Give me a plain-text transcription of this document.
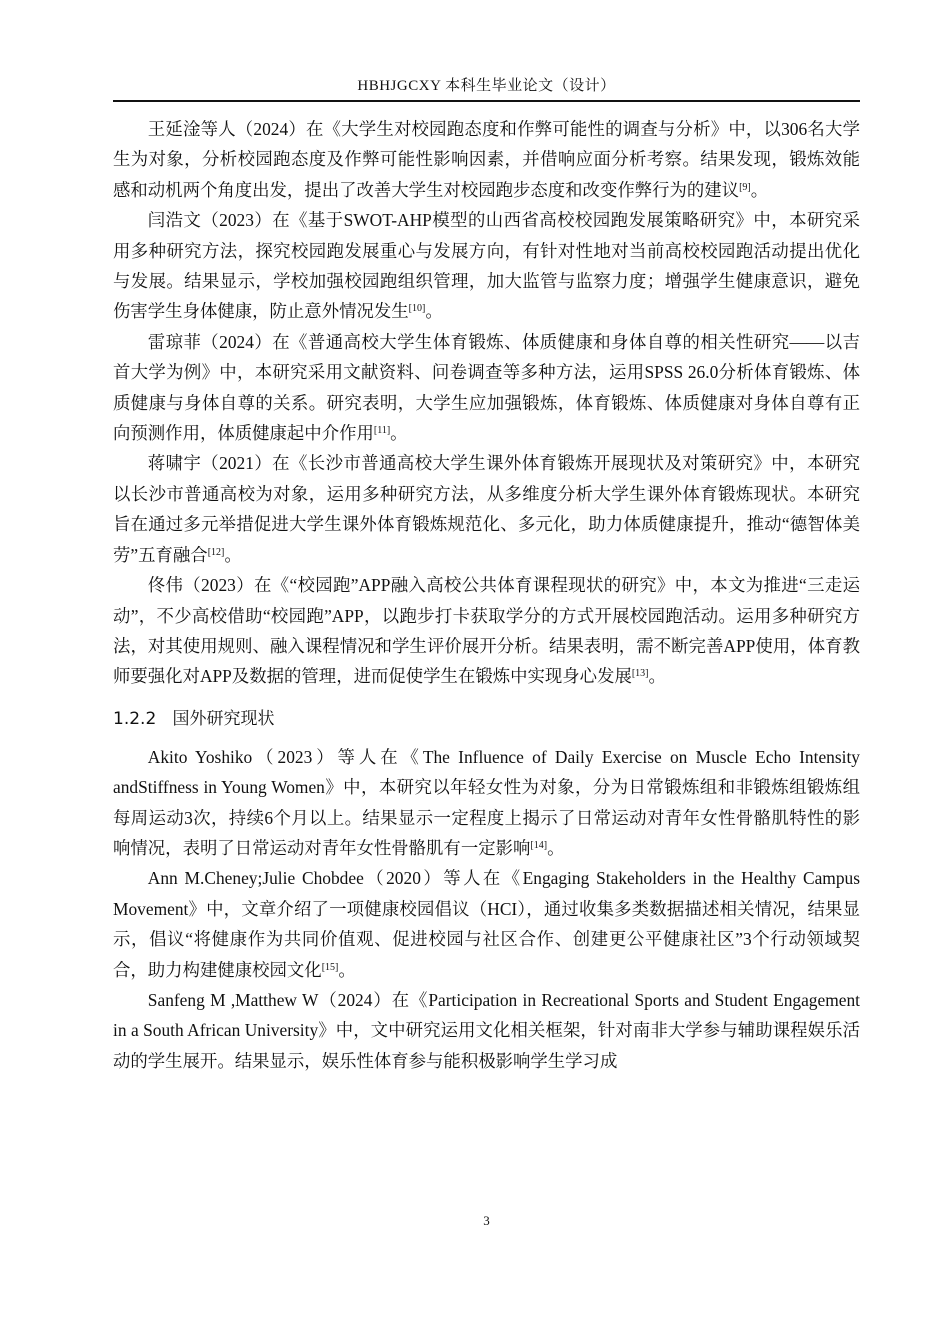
HBHJGCXY 本科生毕业论文（设计）

王延淦等人（2024）在《大学生对校园跑态度和作弊可能性的调查与分析》中，以306名大学生为对象，分析校园跑态度及作弊可能性影响因素，并借响应面分析考察。结果发现，锻炼效能感和动机两个角度出发，提出了改善大学生对校园跑步态度和改变作弊行为的建议[9]。

闫浩文（2023）在《基于SWOT-AHP模型的山西省高校校园跑发展策略研究》中，本研究采用多种研究方法，探究校园跑发展重心与发展方向，有针对性地对当前高校校园跑活动提出优化与发展。结果显示，学校加强校园跑组织管理，加大监管与监察力度；增强学生健康意识，避免伤害学生身体健康，防止意外情况发生[10]。

雷琼菲（2024）在《普通高校大学生体育锻炼、体质健康和身体自尊的相关性研究——以吉首大学为例》中，本研究采用文献资料、问卷调查等多种方法，运用SPSS 26.0分析体育锻炼、体质健康与身体自尊的关系。研究表明，大学生应加强锻炼，体育锻炼、体质健康对身体自尊有正向预测作用，体质健康起中介作用[11]。

蒋啸宇（2021）在《长沙市普通高校大学生课外体育锻炼开展现状及对策研究》中，本研究以长沙市普通高校为对象，运用多种研究方法，从多维度分析大学生课外体育锻炼现状。本研究旨在通过多元举措促进大学生课外体育锻炼规范化、多元化，助力体质健康提升，推动“德智体美劳”五育融合[12]。

佟伟（2023）在《“校园跑”APP融入高校公共体育课程现状的研究》中，本文为推进“三走运动”，不少高校借助“校园跑”APP，以跑步打卡获取学分的方式开展校园跑活动。运用多种研究方法，对其使用规则、融入课程情况和学生评价展开分析。结果表明，需不断完善APP使用，体育教师要强化对APP及数据的管理，进而促使学生在锻炼中实现身心发展[13]。

1.2.2 国外研究现状

Akito Yoshiko（2023）等人在《The Influence of Daily Exercise on Muscle Echo Intensity andStiffness in Young Women》中，本研究以年轻女性为对象，分为日常锻炼组和非锻炼组锻炼组每周运动3次，持续6个月以上。结果显示一定程度上揭示了日常运动对青年女性骨骼肌特性的影响情况，表明了日常运动对青年女性骨骼肌有一定影响[14]。

Ann M.Cheney;Julie Chobdee（2020）等人在《Engaging Stakeholders in the Healthy Campus Movement》中，文章介绍了一项健康校园倡议（HCI），通过收集多类数据描述相关情况，结果显示，倡议“将健康作为共同价值观、促进校园与社区合作、创建更公平健康社区”3个行动领域契合，助力构建健康校园文化[15]。

Sanfeng M ,Matthew W（2024）在《Participation in Recreational Sports and Student Engagement in a South African University》中，文中研究运用文化相关框架，针对南非大学参与辅助课程娱乐活动的学生展开。结果显示，娱乐性体育参与能积极影响学生学习成

3
